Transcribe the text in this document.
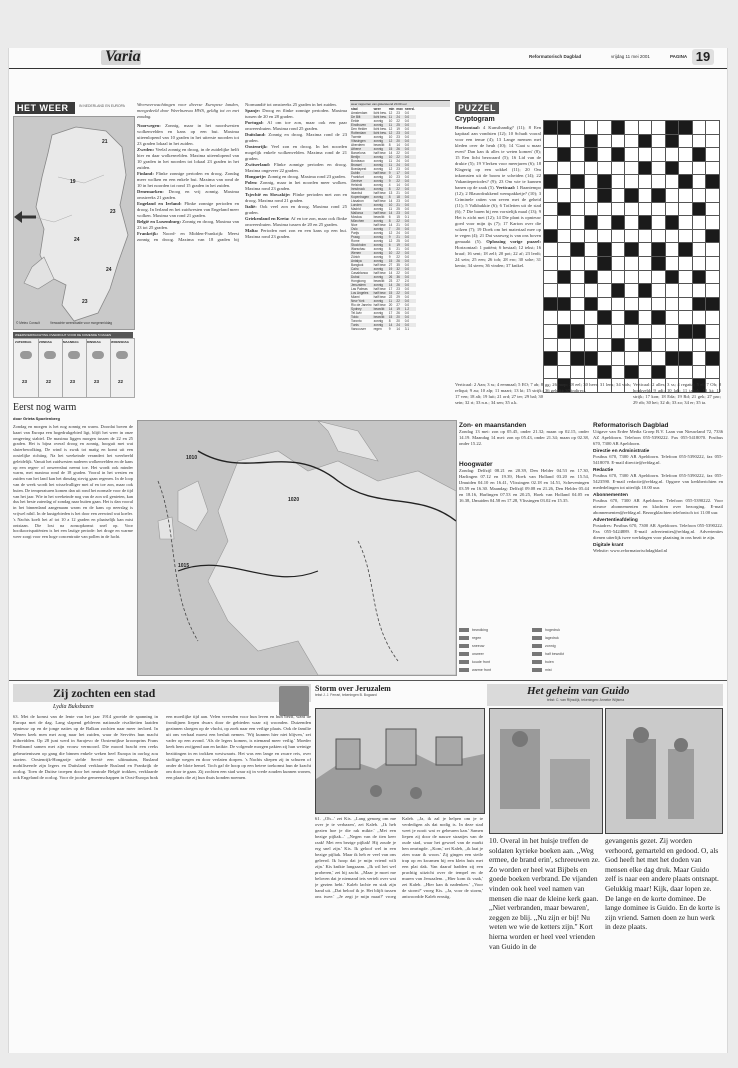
Varia	Reformatorisch Dagblad	vrijdag 11 mei 2001	PAGINA 19
HET WEER	IN NEDERLAND EN EUROPA
21
19
23
24
24
23
© Meteo Consult	Verwachte weersituatie voor morgenmiddag
WEERSVERWACHTING OVERZICHT VOOR DE KOMENDE 5 DAGEN
ZATERDAG
23
ZONDAG
22
MAANDAG
23
DINSDAG
23
WOENSDAG
22
Weersverwachtingen voor diverse Europese landen, meegedeeld door Weerbureau HWS, geldig tot en met zondag.
Noorwegen: Zonnig, maar in het noordwesten wolkenvelden en kans op een bui. Maxima uiteenlopend van 10 graden in het uiterste noorden tot 23 graden lokaal in het zuiden.
Zweden: Veelal zonnig en droog, in de zuidelijke helft hier en daar wolkenvelden. Maxima uiteenlopend van 10 graden in het noorden tot lokaal 23 graden in het zuiden.
Finland: Flinke zonnige perioden en droog. Zondag meer wolken en een enkele bui. Maxima van rond de 10 in het noorden tot rond 15 graden in het zuiden.
Denemarken: Droog en vrij zonnig. Maxima omstreeks 21 graden.
Engeland en Ierland: Flinke zonnige perioden en droog. In Ierland en het zuidwesten van Engeland meer wolken. Maxima van rond 21 graden.
België en Luxemburg: Zonnig en droog. Maxima van 23 tot 25 graden.
Frankrijk: Noord- en Midden-Frankrijk: Meest zonnig en droog. Maxima van 18 graden bij Normandië tot omstreeks 25 graden in het zuiden.
Spanje: Droog en flinke zonnige perioden. Maxima tussen de 20 en 28 graden.
Portugal: Al om toe zon, maar ook een paar onweersbuien. Maxima rond 25 graden.
Duitsland: Zonnig en droog. Maxima rond de 23 graden.
Oostenrijk: Veel zon en droog. In het noorden mogelijk enkele wolkenvelden. Maxima rond de 21 graden.
Zwitserland: Flinke zonnige perioden en droog. Maxima ongeveer 22 graden.
Hongarije: Zonnig en droog. Maxima rond 23 graden.
Polen: Zonnig, maar in het noorden meer wolken. Maxima rond 23 graden.
Tsjechië en Slowakije: Flinke perioden met zon en droog. Maxima rond 21 graden.
Italië: Ook veel zon en droog. Maxima rond 25 graden.
Griekenland en Kreta: Af en toe zon, maar ook flinke onweersbuien. Maxima tussen de 20 en 25 graden.
Malta: Perioden met zon en een kans op een bui. Maxima rond 23 graden.
weer rapporten van gisteravond 20.00 uur
stad	weer	min	max	neersl.
Amsterdam	licht bew.	12	23	0.0
De Bilt	licht bew.	11	24	0.0
Eelde	zonnig	10	22	0.0
Eindhoven	zonnig	11	25	0.0
Den Helder	licht bew.	12	19	0.0
Rotterdam	licht bew.	12	23	0.0
Twente	zonnig	10	23	0.0
Vlissingen	zonnig	12	20	0.0
Aberdeen	bewolkt	8	14	0.0
Athene	zonnig	15	26	0.0
Barcelona	half bew.	14	22	0.0
Berlijn	zonnig	10	22	0.0
Bordeaux	zonnig	11	24	0.0
Brussel	zonnig	11	24	0.0
Boedapest	zonnig	12	23	0.0
Dublin	half bew.	9	17	0.0
Frankfurt	zonnig	10	23	0.0
Genève	zonnig	9	22	0.0
Helsinki	zonnig	4	14	0.0
Innsbruck	zonnig	8	22	0.0
Istanbul	half bew.	13	21	0.0
Kopenhagen	zonnig	8	18	0.0
Lissabon	half bew.	14	23	0.0
Londen	zonnig	10	21	0.0
Madrid	zonnig	11	25	0.0
Mallorca	half bew.	14	23	0.0
Moskou	bewolkt	6	15	0.1
München	zonnig	8	22	0.0
Nice	half bew.	14	21	0.0
Oslo	zonnig	7	20	0.0
Parijs	zonnig	12	24	0.0
Praag	zonnig	9	21	0.0
Rome	zonnig	12	25	0.0
Stockholm	zonnig	6	19	0.0
Warschau	zonnig	8	21	0.0
Wenen	zonnig	10	22	0.0
Zürich	zonnig	9	22	0.0
Antalya	zonnig	15	26	0.0
Bangkok	half bew.	27	35	0.0
Cairo	zonnig	19	32	0.0
Casablanca	half bew.	14	22	0.0
Dubai	zonnig	26	36	0.0
Hongkong	bewolkt	23	27	2.0
Jeruzalem	zonnig	14	26	0.0
Las Palmas	half bew.	17	23	0.0
Los Angeles	half bew.	15	22	0.0
Miami	half bew.	22	29	0.0
New York	zonnig	11	22	0.0
Rio de Janeiro	half bew.	20	27	0.0
Sydney	bewolkt	14	19	1.2
Tel Aviv	zonnig	17	26	0.0
Tokio	bewolkt	15	20	0.0
Toronto	zonnig	8	20	0.0
Tunis	zonnig	14	24	0.0
Vancouver	regen	9	14	3.1
PUZZEL
Cryptogram
Horizontaal: 4 Kunsthandig? (11); 8 Een kapitaal aan vondsten (12); 10 Schudt vooral voor een tenue (4); 13 Lange mensen met kleden over de heuh (10); 14 'Gaat u maar even? Dan kan ik alles te weten komen' (8); 15 Een licht bezwaard (5); 16 Lid van de drukte (5); 19 Vlerken voor meerjaren (6); 18 Klagerig op een sokkel (11); 20 Om inkomsten uit de boom te scheiden (14); 22 Vakantieperiodes? (9); 23 Om wie te kunnen banen op de zaak (5). Verticaal: 1 Baantempo (12); 2 Blauwdrukkend wenspakketje? (10); 3 Criminele ratten van zeven met de geheid (11); 5 Valkbakkie (6); 6 Toiletten uit de stad (6); 7 Die baren bij een vorstelijk maal (13); 9 Het is zicht met (12); 14 Die plant is opnieuw goed voor mijn ijs (7); 17 Karton over die wilzen (7); 19 Doek om het materiaal mee op te vegen (4); 21 Dat vaarweg is van ons boven gemaakt (5). Oplossing vorige puzzel: Horizontaal: 1 patiënt; 6 bestaal; 12 tekst; 16 braaf; 16 sent; 18 zelf; 20 pot; 22 af; 23 lerdt; 24 sein; 25 een; 26 toh; 28 ero; 30 sohe; 31 kento; 34 steen; 36 vinden; 37 knikel.

Verticaal: 2 Aan; 3 ss; 4 eenmaal; 5 EO; 7 ab; 8 reliqui; 9 au; 10 alp; 11 maart; 13 kt; 15 strijk; 17 ven; 18 alt; 19 luit; 21 ord; 27 ter; 29 bal; 30 sein; 32 ri; 33 n.n.; 34 sen; 35 a.k.
gg; 26 mop; 28 eel; 30 heer; 31 lens; 34 vids; 36 gebakt; 37 indirect.
Verticaal: 2 alles; 3 ss; 4 regatta; 5 el; 7 Oh; 8 honkveld; 9 adi; 10 lab; 11 tabak; 13 kt; 15 strijk; 17 kon; 18 Eda; 19 Rd; 21 gek; 27 pac; 29 rib; 30 hei; 32 dt; 33 zo; 34 er; 35 ta.
Eerst nog warm
door Grieta Spoelenberg
Zondag en morgen is het nog zonnig en warm. Doordat boven de kaart van Europa een hogedrukgebied ligt, blijft het weer in onze omgeving stabiel. De maxima liggen morgen tussen de 22 en 25 graden. Het is bijna overal droog en zonnig, hooguit met wat sluierbewolking. De wind is zwak tot matig en komt uit een oostelijke richting. Na het weekeinde verandert het weerbeeld geleidelijk. Vanuit het zuidwesten naderen wolkenvelden en de kans op een regen- of onweersbui neemt toe. Het wordt ook minder warm, met maxima rond de 18 graden. Vooral in het westen en zuiden van het land kan het dinsdag stevig gaan regenen. In de loop van de week wordt het wisselvalliger met af en toe zon, maar ook buien. De temperaturen komen dan uit rond het normale voor de tijd van het jaar. Wie in het weekeinde nog van de zon wil genieten, kan dus het beste zaterdag of zondag naar buiten gaan. Het is dan vooral in het binnenland aangenaam warm en de kans op neerslag is vrijwel nihil. In de kustgebieden is het door een zeewind wat koeler. 's Nachts koelt het af tot 10 a 12 graden en plaatselijk kan mist ontstaan. Die lost na zonsopkomst snel op. Voor hooikoortspatiënten is het een lastige periode: het droge en warme weer zorgt voor een hoge concentratie van pollen in de lucht.
1010
1020
1015
Zon- en maanstanden
Zondag 13 mei: zon op 05.45, onder 21.32; maan op 02.15, onder 14.19. Maandag 14 mei: zon op 05.43, onder 21.34; maan op 02.38, onder 15.22.
Hoogwater
Zondag: Delfzijl 08.21 en 20.39, Den Helder 04.53 en 17.30, Harlingen 07.12 en 19.39, Hoek van Holland 03.20 en 15.54, IJmuiden 04.10 en 16.41, Vlissingen 02.18 en 14.51, Scheveningen 03.59 en 16.30. Maandag: Delfzijl 09.08 en 21.26, Den Helder 05.44 en 18.16, Harlingen 07.53 en 20.25, Hoek van Holland 04.05 en 16.38, IJmuiden 04.58 en 17.28, Vlissingen 03.02 en 15.35.
bewolking
regen
sneeuw
onweer
koude front
warme front
hogedruk
lagedruk
zonnig
half bewolkt
buien
mist
Reformatorisch Dagblad
Uitgave van Erdee Media Groep B.V. Laan van Nieuwland 72, 7336 AZ Apeldoorn. Telefoon 055-5390222. Fax 055-5418070. Postbus 670, 7300 AR Apeldoorn.
Directie en Administratie
Postbus 670, 7300 AR Apeldoorn. Telefoon 055-5390222, fax 055-5418070. E-mail directie@refdag.nl.
Redactie
Postbus 670, 7300 AR Apeldoorn. Telefoon 055-5390222, fax 055-5423590. E-mail redactie@refdag.nl. Opgave van kerkberichten en mededelingen tot uiterlijk 10.00 uur.
Abonnementen
Postbus 670, 7300 AR Apeldoorn. Telefoon 055-5390222. Voor nieuwe abonnementen en klachten over bezorging. E-mail abonnementen@refdag.nl. Bezorgklachten telefonisch tot 11.00 uur.
Advertentieafdeling
Postadres: Postbus 670, 7300 AR Apeldoorn. Telefoon 055-5390222. Fax 055-5424889. E-mail advertenties@refdag.nl. Advertenties dienen uiterlijk twee werkdagen voor plaatsing in ons bezit te zijn.
Digitale krant
Website: www.reformatorischdagblad.nl
Zij zochten een stad
Lydia Buksbazen
63. Met de komst van de lente van het jaar 1914 groeide de spanning in Europa met de dag. Lang slapend gebleven nationale rivaliteiten laaiden opnieuw op en de jonge naties op de Balkan zochten naar meer invloed. In Wenen keek men met zorg naar het zuiden, waar de Serviërs hun macht uitbreidden. Op 28 juni werd in Sarajevo de Oostenrijkse kroonprins Frans Ferdinand samen met zijn vrouw vermoord. Die moord bracht een reeks gebeurtenissen op gang die binnen enkele weken heel Europa in oorlog zou storten. Oostenrijk-Hongarije stelde Servië een ultimatum, Rusland mobiliseerde zijn legers en Duitsland verklaarde Rusland en Frankrijk de oorlog. Toen de Duitse troepen door het neutrale België trokken, verklaarde ook Engeland de oorlog. Voor de joodse gemeenschappen in Oost-Europa brak een moeilijke tijd aan. Velen vreesden voor hun leven en hun bezit, want de frontlijnen liepen dwars door de gebieden waar zij woonden. Duizenden gezinnen sloegen op de vlucht, op zoek naar een veilige plaats. Ook de familie uit ons verhaal moest een besluit nemen. 'Wij kunnen hier niet blijven,' zei vader op een avond. 'Als de legers komen, is niemand meer veilig.' Moeder keek hem zwijgend aan en knikte. De volgende morgen pakten zij hun weinige bezittingen in en trokken westwaarts. Het was een lange en zware reis, over stoffige wegen en door verlaten dorpen. 's Nachts sliepen zij in schuren of onder de blote hemel. Toch gaf de hoop op een betere toekomst hun de kracht om door te gaan. Zij zochten een stad waar zij in vrede zouden kunnen wonen, een plaats die zij hun thuis konden noemen.
Storm over Jeruzalem
tekst J. J. Ferrari, tekeningen B. Bogaard
61. ,,Oh...' zei Kis. ,,Lang genoeg om me over je te verbazen', zei Kaleb. ,,Ik heb gezien hoe je die rak mikte.' ,,Met een bezige pijltak...' ,,Negen van de tien keer raak! Met een bezige pijltak! Hij zoude je erg snel zijn.' Kis. Ik geloof wel in een bezige pijltak. Maar ik heb er veel van ons geleerd. Ik hoop dat je mijn vriend wilt zijn.' Kis knikte langzaam. ,,Ik wil het wel proberen,' zei hij zacht. ,,Maar je moet me beloven dat je niemand iets vertelt over wat je gezien hebt.' Kaleb lachte en stak zijn hand uit. ,,Dat beloof ik je. Het blijft tussen ons twee.' ,,Je zegt je mijn maat?' vroeg Kaleb. ,,Ja, ik zal je helpen om je te verdedigen als dat nodig is. In deze stad weet je nooit wat er gebeuren kan.' Samen liepen zij door de nauwe straatjes van de oude stad, waar het gewoel van de markt hen omringde. ,,Kom,' zei Kaleb, ,,ik laat je zien waar ik woon.' Zij gingen een steile trap op en kwamen bij een klein huis met een plat dak. Van daaraf hadden zij een prachtig uitzicht over de tempel en de muren van Jeruzalem. ,,Hier kom ik vaak,' zei Kaleb. ,,Hier kan ik nadenken.' ,,Voor de storm?' vroeg Kis. ,,Ja, voor de storm,' antwoordde Kaleb ernstig.
Het geheim van Guido
tekst: C. van Rijnsdijk, tekeningen: Anneke Wijtsma
10. Overal in het huisje treffen de soldaten kyrieke boeken aan. ,,Weg ermee, de brand erin', schreeuwen ze. Zo worden er heel wat Bijbels en goede boeken verbrand. De vijanden vinden ook heel veel namen van mensen die naar de kleine kerk gaan. ,,Niet verbranden, maar bewaren', zeggen ze blij. ,,Nu zijn er bij! Nu weten we wie de ketters zijn.'' Kort hierna worden er heel veel vrienden van Guido in de
gevangenis gezet. Zij worden verhoord, gemarteld en gedood. O, als God heeft het met het doden van mensen elke dag druk. Maar Guido zelf is naar een andere plaats ontsnapt. Gelukkig maar! Kijk, daar lopen ze. De lange en de korte dominee. De lange dominee is Guido. En de korte is zijn vriend. Samen doen ze hun werk in deze plaats.
